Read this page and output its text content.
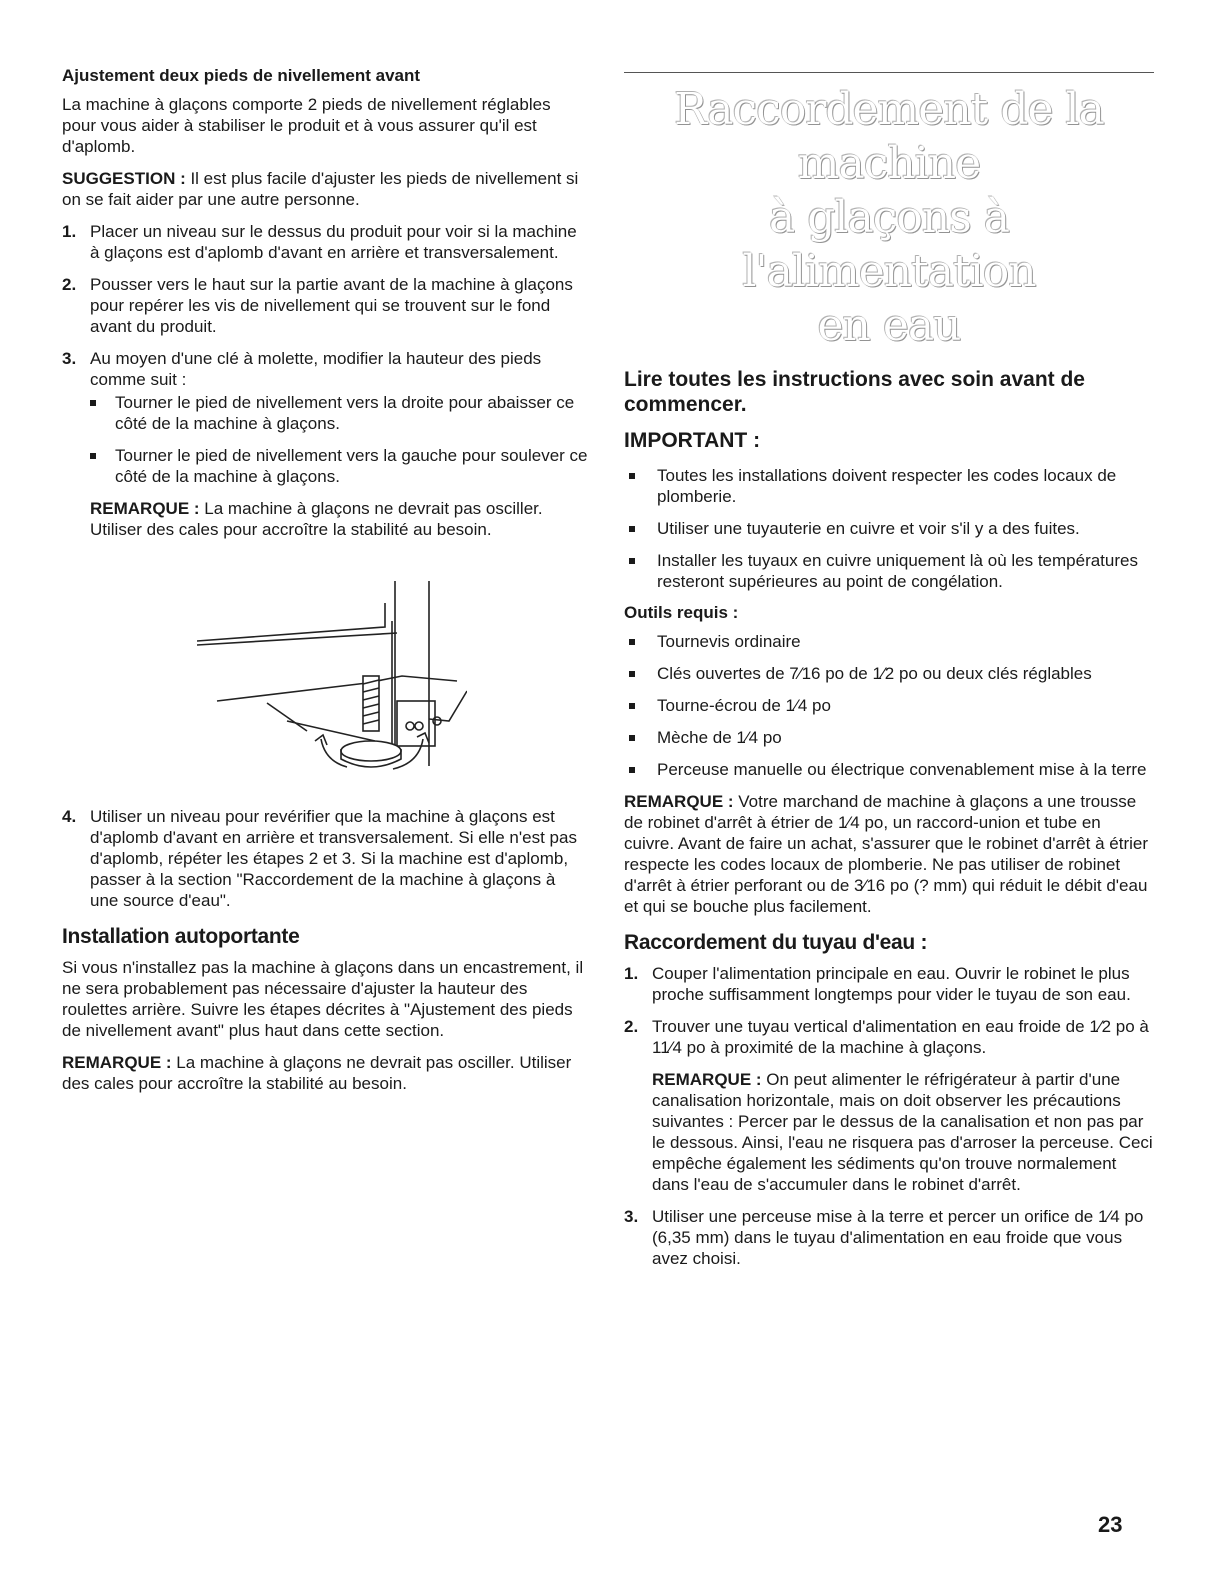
Ajustement deux pieds de nivellement avant

La machine à glaçons comporte 2 pieds de nivellement réglables pour vous aider à stabiliser le produit et à vous assurer qu'il est d'aplomb.

SUGGESTION : Il est plus facile d'ajuster les pieds de nivellement si on se fait aider par une autre personne.

1. Placer un niveau sur le dessus du produit pour voir si la machine à glaçons est d'aplomb d'avant en arrière et transversalement.
2. Pousser vers le haut sur la partie avant de la machine à glaçons pour repérer les vis de nivellement qui se trouvent sur le fond avant du produit.
3. Au moyen d'une clé à molette, modifier la hauteur des pieds comme suit :
Tourner le pied de nivellement vers la droite pour abaisser ce côté de la machine à glaçons.
Tourner le pied de nivellement vers la gauche pour soulever ce côté de la machine à glaçons.

REMARQUE : La machine à glaçons ne devrait pas osciller. Utiliser des cales pour accroître la stabilité au besoin.

4. Utiliser un niveau pour revérifier que la machine à glaçons est d'aplomb d'avant en arrière et transversalement. Si elle n'est pas d'aplomb, répéter les étapes 2 et 3. Si la machine est d'aplomb, passer à la section "Raccordement de la machine à glaçons à une source d'eau".
Installation autoportante

Si vous n'installez pas la machine à glaçons dans un encastrement, il ne sera probablement pas nécessaire d'ajuster la hauteur des roulettes arrière. Suivre les étapes décrites à "Ajustement des pieds de nivellement avant" plus haut dans cette section.

REMARQUE : La machine à glaçons ne devrait pas osciller. Utiliser des cales pour accroître la stabilité au besoin.

Raccordement de la machine
à glaçons à l'alimentation
en eau
Lire toutes les instructions avec soin avant de commencer.
IMPORTANT :
Toutes les installations doivent respecter les codes locaux de plomberie.
Utiliser une tuyauterie en cuivre et voir s'il y a des fuites.
Installer les tuyaux en cuivre uniquement là où les températures resteront supérieures au point de congélation.
Outils requis :
Tournevis ordinaire
Clés ouvertes de 7⁄16 po de 1⁄2 po ou deux clés réglables
Tourne-écrou de 1⁄4 po
Mèche de 1⁄4 po
Perceuse manuelle ou électrique convenablement mise à la terre

REMARQUE : Votre marchand de machine à glaçons a une trousse de robinet d'arrêt à étrier de 1⁄4 po, un raccord-union et tube en cuivre. Avant de faire un achat, s'assurer que le robinet d'arrêt à étrier respecte les codes locaux de plomberie. Ne pas utiliser de robinet d'arrêt à étrier perforant ou de 3⁄16 po (? mm) qui réduit le débit d'eau et qui se bouche plus facilement.

Raccordement du tuyau d'eau :
1. Couper l'alimentation principale en eau. Ouvrir le robinet le plus proche suffisamment longtemps pour vider le tuyau de son eau.
2. Trouver une tuyau vertical d'alimentation en eau froide de 1⁄2 po à 11⁄4 po à proximité de la machine à glaçons.

REMARQUE : On peut alimenter le réfrigérateur à partir d'une canalisation horizontale, mais on doit observer les précautions suivantes : Percer par le dessus de la canalisation et non pas par le dessous. Ainsi, l'eau ne risquera pas d'arroser la perceuse. Ceci empêche également les sédiments qu'on trouve normalement dans l'eau de s'accumuler dans le robinet d'arrêt.

3. Utiliser une perceuse mise à la terre et percer un orifice de 1⁄4 po (6,35 mm) dans le tuyau d'alimentation en eau froide que vous avez choisi.
23
